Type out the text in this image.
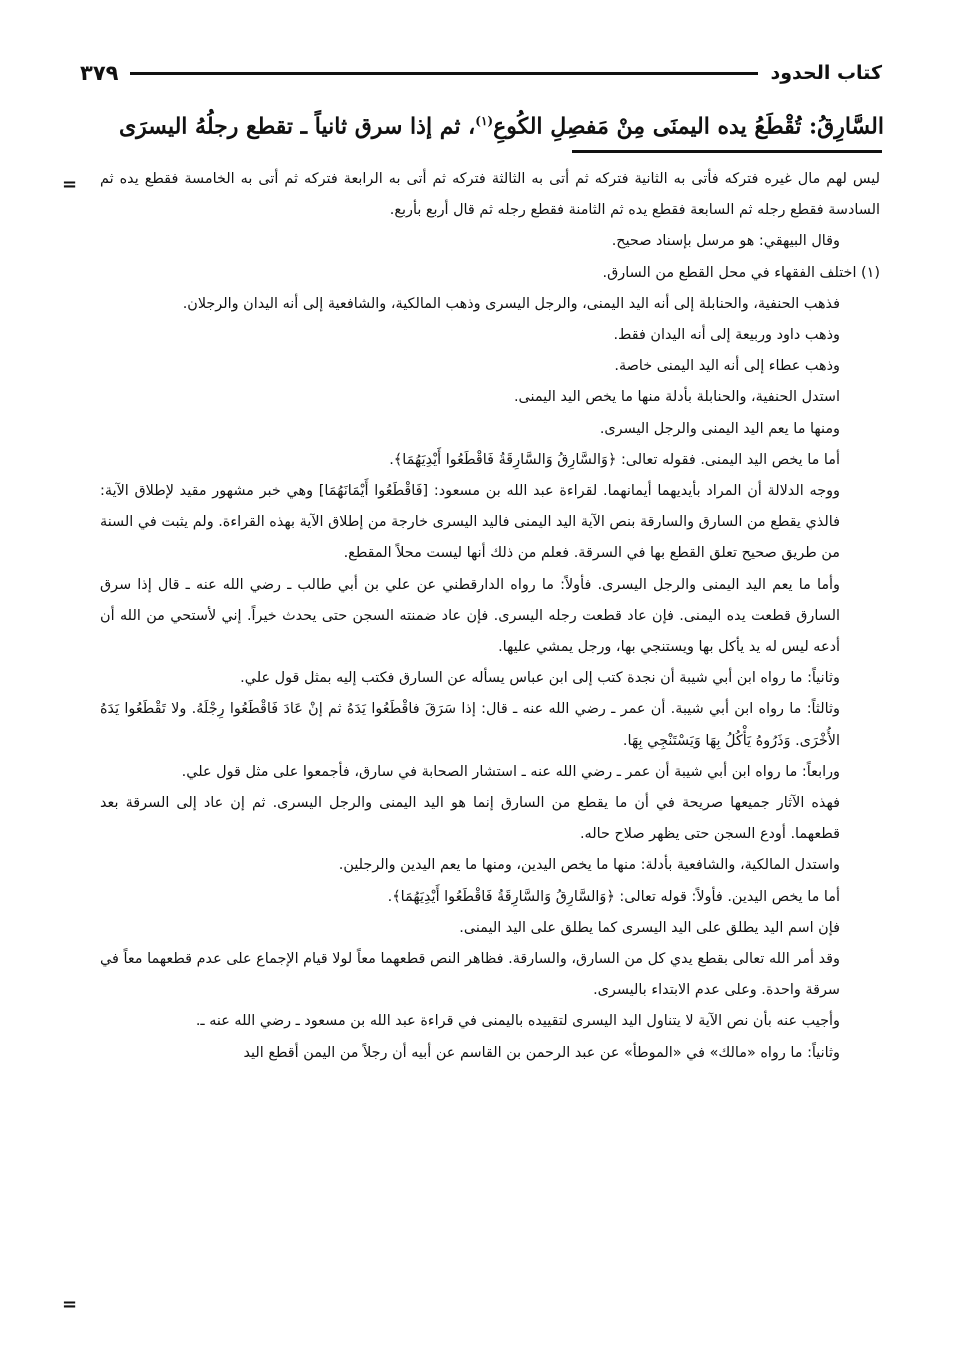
كتاب الحدود
٣٧٩
السَّارِقُ: تُقْطَعُ يده اليمنَى مِنْ مَفصِلِ الكُوعِ$^{(١)}$، ثم إذا سرق ثانياً ـ تقطع رجلُهُ اليسرَى
=
=

ليس لهم مال غيره فتركه فأتى به الثانية فتركه ثم أتى به الثالثة فتركه ثم أتى به الرابعة فتركه ثم أتى به الخامسة فقطع يده ثم السادسة فقطع رجله ثم السابعة فقطع يده ثم الثامنة فقطع رجله ثم قال أربع بأربع.

وقال البيهقي: هو مرسل بإسناد صحيح.

(١) اختلف الفقهاء في محل القطع من السارق.

فذهب الحنفية، والحنابلة إلى أنه اليد اليمنى، والرجل اليسرى وذهب المالكية، والشافعية إلى أنه اليدان والرجلان.

وذهب داود وربيعة إلى أنه اليدان فقط.

وذهب عطاء إلى أنه اليد اليمنى خاصة.

استدل الحنفية، والحنابلة بأدلة منها ما يخص اليد اليمنى.

ومنها ما يعم اليد اليمنى والرجل اليسرى.

أما ما يخص اليد اليمنى. فقوله تعالى: ﴿وَالسَّارِقُ وَالسَّارِقَةُ فَاقْطَعُوا أَيْدِيَهُمَا﴾.

ووجه الدلالة أن المراد بأيديهما أيمانهما. لقراءة عبد الله بن مسعود: [فَاقْطَعُوا أَيْمَانَهُمَا] وهي خبر مشهور مقيد لإطلاق الآية: فالذي يقطع من السارق والسارقة بنص الآية اليد اليمنى فاليد اليسرى خارجة من إطلاق الآية بهذه القراءة. ولم يثبت في السنة من طريق صحيح تعلق القطع بها في السرقة. فعلم من ذلك أنها ليست محلاً المقطع.

وأما ما يعم اليد اليمنى والرجل اليسرى. فأولاً: ما رواه الدارقطني عن علي بن أبي طالب ـ رضي الله عنه ـ قال إذا سرق السارق قطعت يده اليمنى. فإن عاد قطعت رجله اليسرى. فإن عاد ضمنته السجن حتى يحدث خيراً. إني لأستحي من الله أن أدعه ليس له يد يأكل بها ويستنجي بها، ورجل يمشي عليها.

وثانياً: ما رواه ابن أبي شيبة أن نجدة كتب إلى ابن عباس يسأله عن السارق فكتب إليه بمثل قول علي.

وثالثاً: ما رواه ابن أبي شيبة. أن عمر ـ رضي الله عنه ـ قال: إذا سَرَقَ فاقْطَعُوا يَدَهُ ثم إنْ عَادَ فَاقْطَعُوا رِجْلَهُ. ولا تَقْطَعُوا يَدَهُ الأُخْرَى. وَذَرُوهُ يَأْكُلُ بِهَا وَيَسْتَنْجِي بِهَا.

ورابعاً: ما رواه ابن أبي شيبة أن عمر ـ رضي الله عنه ـ استشار الصحابة في سارق، فأجمعوا على مثل قول علي.

فهذه الآثار جميعها صريحة في أن ما يقطع من السارق إنما هو اليد اليمنى والرجل اليسرى. ثم إن عاد إلى السرقة بعد قطعهما. أودع السجن حتى يظهر صلاح حاله.

واستدل المالكية، والشافعية بأدلة: منها ما يخص اليدين، ومنها ما يعم اليدين والرجلين.

أما ما يخص اليدين. فأولاً: قوله تعالى: ﴿وَالسَّارِقُ وَالسَّارِقَةُ فَاقْطَعُوا أَيْدِيَهُمَا﴾.

فإن اسم اليد يطلق على اليد اليسرى كما يطلق على اليد اليمنى.

وقد أمر الله تعالى بقطع يدي كل من السارق، والسارقة. فظاهر النص قطعهما معاً لولا قيام الإجماع على عدم قطعهما معاً في سرقة واحدة. وعلى عدم الابتداء باليسرى.

وأجيب عنه بأن نص الآية لا يتناول اليد اليسرى لتقييده باليمنى في قراءة عبد الله بن مسعود ـ رضي الله عنه ـ.

وثانياً: ما رواه «مالك» في «الموطأ» عن عبد الرحمن بن القاسم عن أبيه أن رجلاً من اليمن أقطع اليد
